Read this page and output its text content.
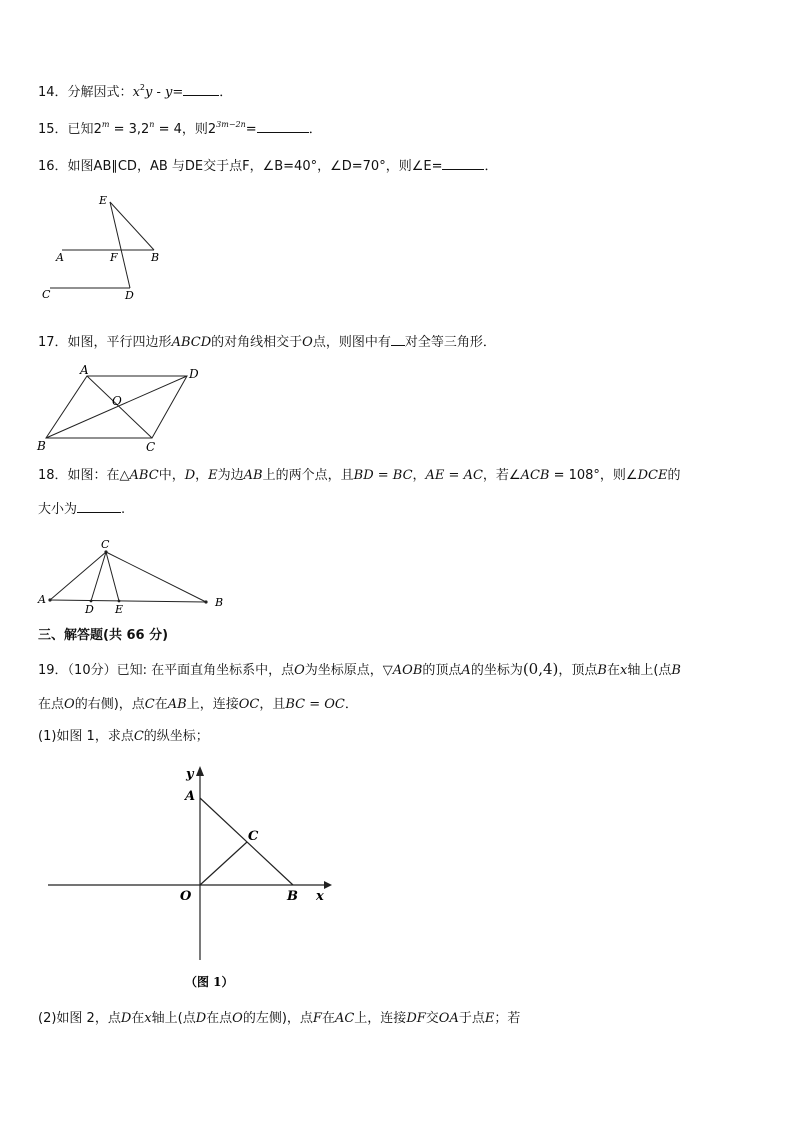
14．分解因式：$x^2y - y=$	．
15．已知$2^m = 3,2^n = 4$，则$2^{3m-2n}=$	．
16．如图AB∥CD，AB 与DE交于点F，∠B=40°，∠D=70°，则∠E=	．
E
A	F	B
C	D
17．如图，平行四边形ABCD的对角线相交于O点，则图中有 对全等三角形．
A	D
O
B	C
18．如图：在△ABC中，D，E为边AB上的两个点，且BD = BC，AE = AC，若∠ACB = 108°，则∠DCE的
大小为	.
C
A
D E
B
三、解答题(共 66 分)
19．（10分）已知: 在平面直角坐标系中，点O为坐标原点，▽AOB的顶点A的坐标为(0,4)，顶点B在x轴上(点B
在点O的右侧)，点C在AB上，连接OC，且BC = OC．
(1)如图 1，求点C的纵坐标；
y
A
C
O	B x
（图 1）
(2)如图 2，点D在x轴上(点D在点O的左侧)，点F在AC上，连接DF交OA于点E；若
